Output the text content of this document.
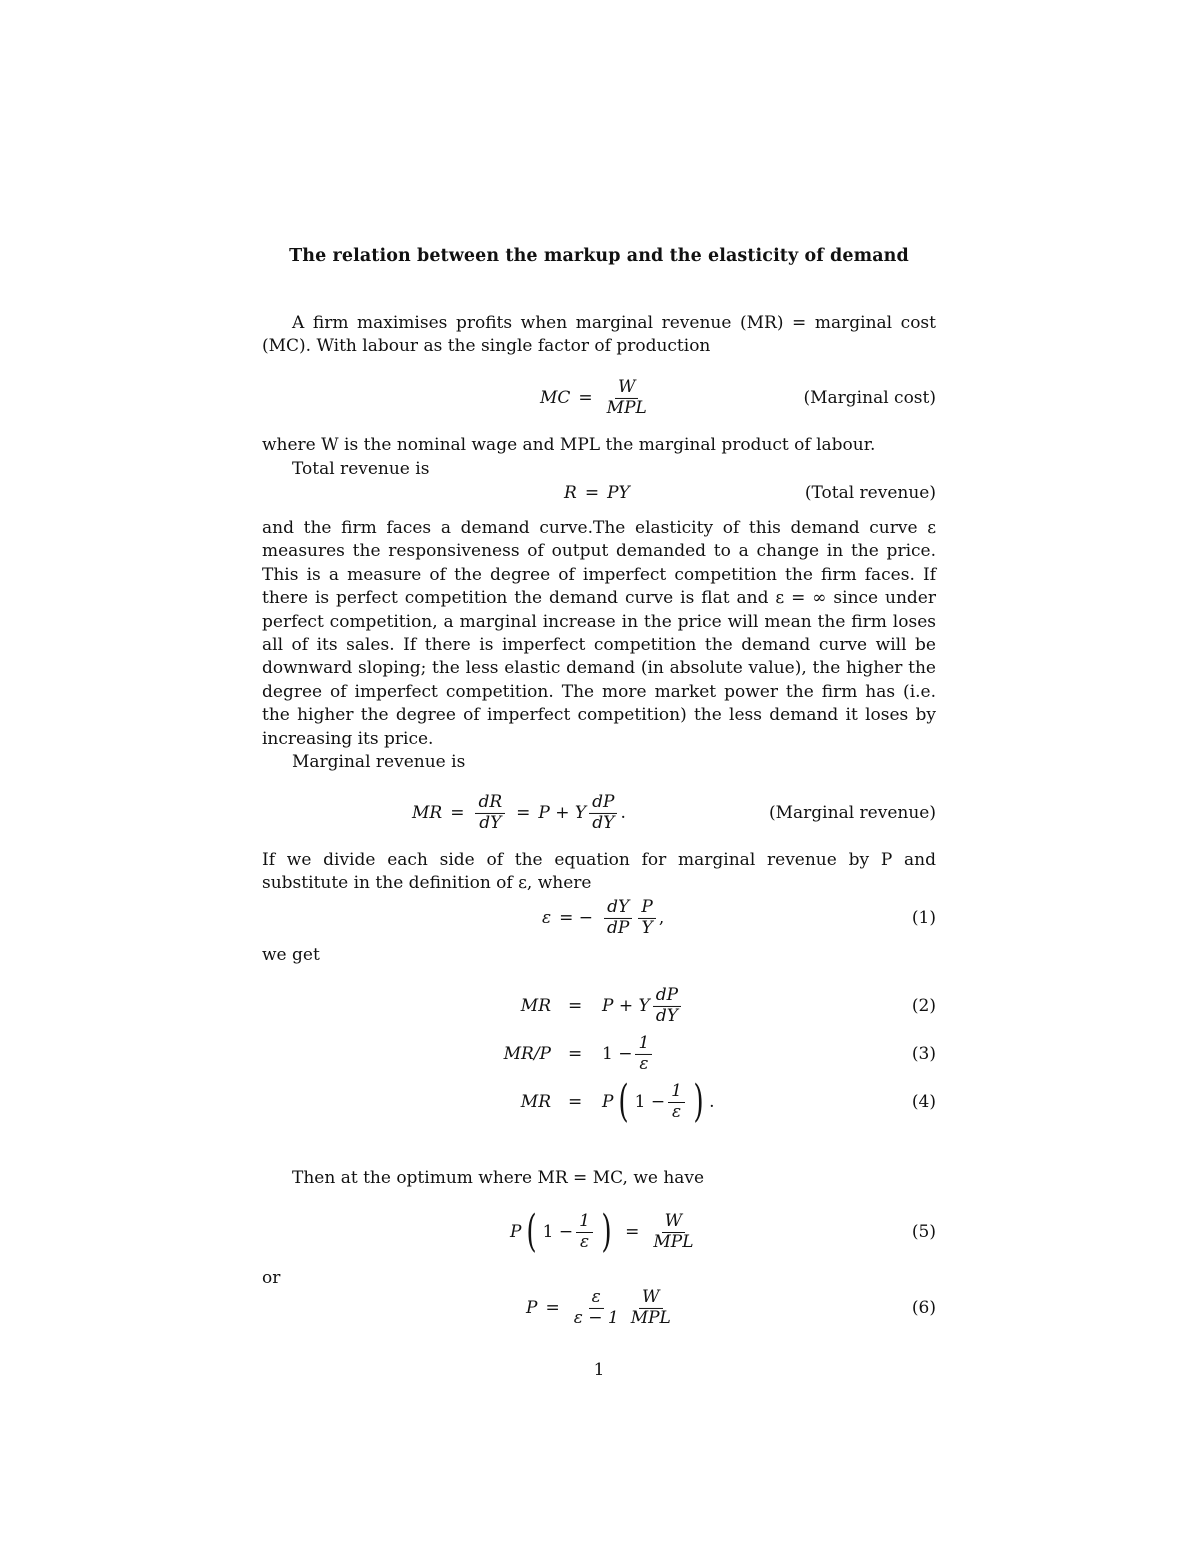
The relation between the markup and the elasticity of demand
A firm maximises profits when marginal revenue (MR) = marginal cost (MC). With labour as the single factor of production
MC = $\frac{W}{\text{MPL}}$	(Marginal cost)
where W is the nominal wage and MPL the marginal product of labour.
Total revenue is
R = PY	(Total revenue)
and the firm faces a demand curve.The elasticity of this demand curve ε measures the responsiveness of output demanded to a change in the price. This is a measure of the degree of imperfect competition the firm faces. If there is perfect competition the demand curve is flat and ε = ∞ since under perfect competition, a marginal increase in the price will mean the firm loses all of its sales. If there is imperfect competition the demand curve will be downward sloping; the less elastic demand (in absolute value), the higher the degree of imperfect competition. The more market power the firm has (i.e. the higher the degree of imperfect competition) the less demand it loses by increasing its price.
Marginal revenue is
MR = $\frac{dR}{dY} = P + Y \frac{dP}{dY}$ .	(Marginal revenue)
If we divide each side of the equation for marginal revenue by P and substitute in the definition of ε, where
ε = − $\frac{dY}{dP} \frac{P}{Y}$ ,	(1)
we get
MR = P + Y $\frac{dP}{dY}$	(2)
$MR/P = 1 - \frac{1}{\varepsilon}$	(3)
MR = P ( $1 - \frac{1}{\varepsilon}$ ) .	(4)
Then at the optimum where MR = MC, we have
P ( $1 - \frac{1}{\varepsilon}$ ) = $\frac{W}{\text{MPL}}$	(5)
or
$P = \frac{\varepsilon}{\varepsilon - 1} \frac{W}{\text{MPL}}$	(6)
1
